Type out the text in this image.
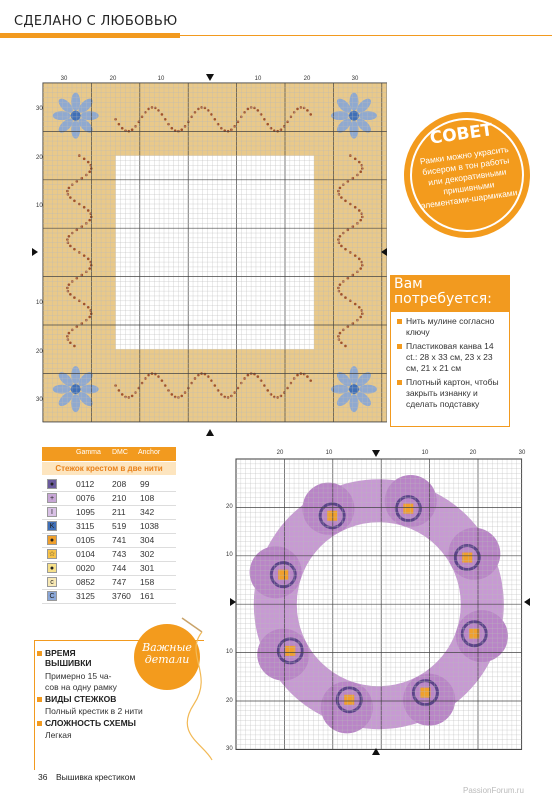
СДЕЛАНО С ЛЮБОВЬЮ
30	20	10	10	20	30
30
20
10
10
20
30
СОВЕТ
Рамки можно украсить бисером в тон работы или декоративными пришивными элементами-шармиками.
Вам
потребуется:
Нить мулине согласно ключу
Пластиковая канва 14 ct.: 28 x 33 см, 23 x 23 см, 21 x 21 см
Плотный картон, чтобы закрыть изнанку и сделать подставку
Gamma DMC Anchor
Стежок крестом в две нити
●	0112 208 99
+	0076 210 108
I	1095 211 342
K	3115 519 1038
●	0105 741 304
☆ 0104 743 302
●	0020 744 301
c	0852 747 158
C	3125 3760 161
ВРЕМЯ
ВЫШИВКИ
Примерно 15 ча-
сов на одну рамку
ВИДЫ СТЕЖКОВ
Полный крестик в 2 нити
СЛОЖНОСТЬ СХЕМЫ
Легкая
Важные
детали
20	10	10	20	30
20
10
10
20
30
36 Вышивка крестиком
PassionForum.ru
